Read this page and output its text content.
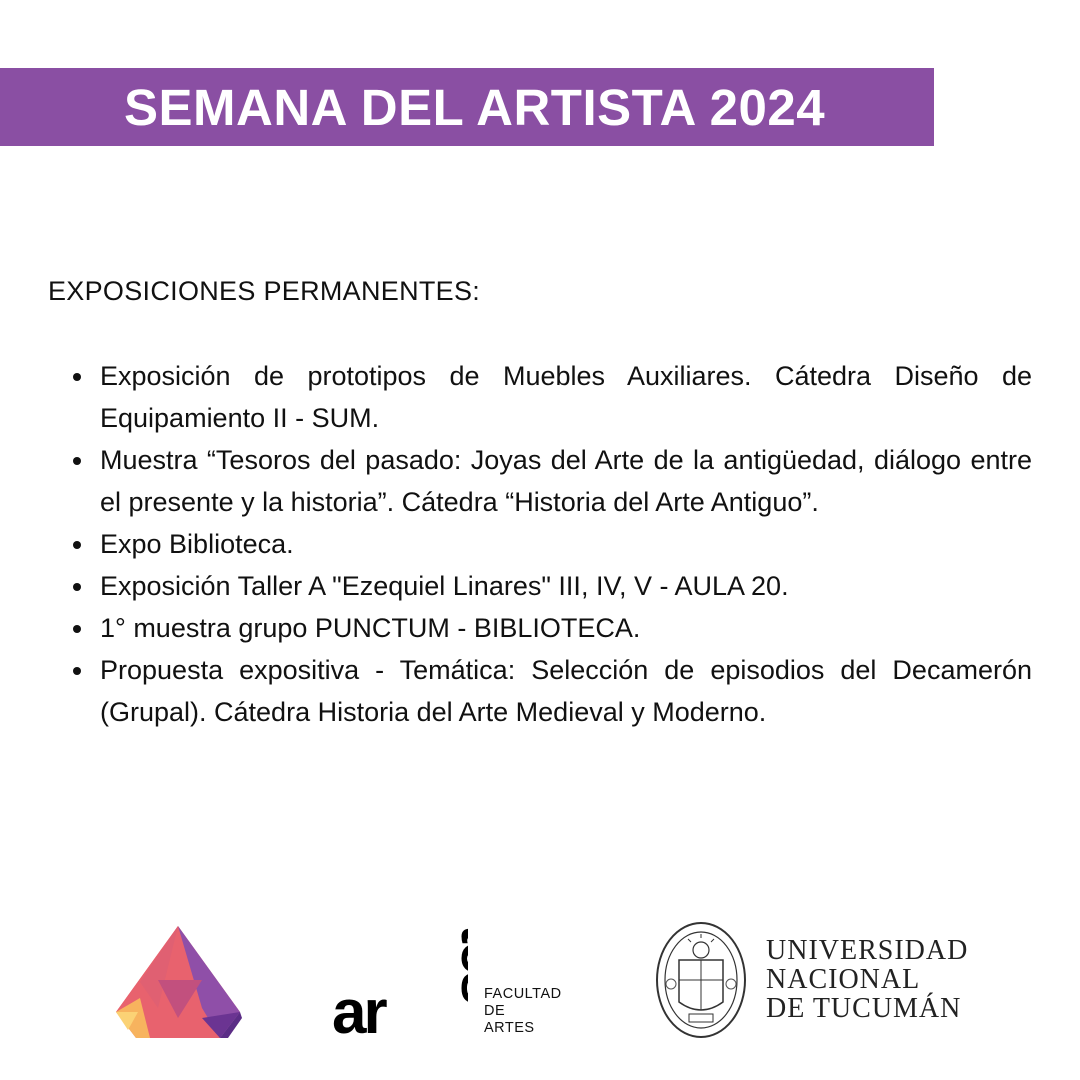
SEMANA DEL ARTISTA 2024
EXPOSICIONES PERMANENTES:
Exposición de prototipos de Muebles Auxiliares. Cátedra Diseño de Equipamiento II - SUM.
Muestra “Tesoros del pasado: Joyas del Arte de la antigüedad, diálogo entre el presente y la historia”. Cátedra “Historia del Arte Antiguo”.
Expo Biblioteca.
Exposición Taller A "Ezequiel Linares" III, IV, V - AULA 20.
1° muestra grupo PUNCTUM - BIBLIOTECA.
Propuesta expositiva - Temática: Selección de episodios del Decamerón (Grupal). Cátedra Historia del Arte Medieval y Moderno.
ar
tes
FACULTAD
DE
ARTES
UNIVERSIDAD
NACIONAL
DE TUCUMÁN
